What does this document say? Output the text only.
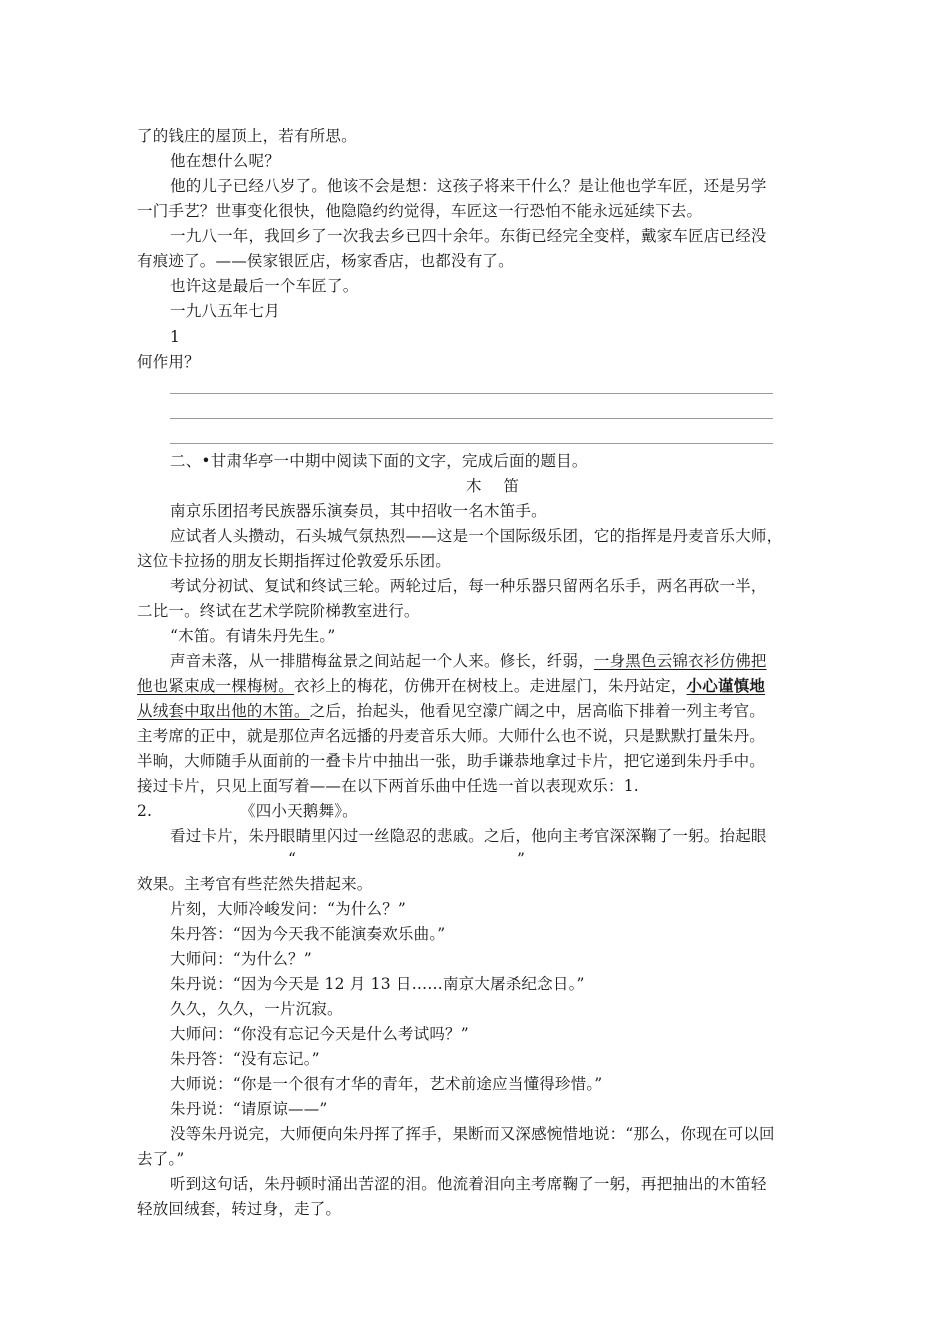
了的钱庄的屋顶上，若有所思。
他在想什么呢？
他的儿子已经八岁了。他该不会是想：这孩子将来干什么？是让他也学车匠，还是另学
一门手艺？世事变化很快，他隐隐约约觉得，车匠这一行恐怕不能永远延续下去。
一九八一年，我回乡了一次我去乡已四十余年。东街已经完全变样，戴家车匠店已经没
有痕迹了。——侯家银匠店，杨家香店，也都没有了。
也许这是最后一个车匠了。
一九八五年七月
1
何作用？
二、•甘肃华亭一中期中阅读下面的文字，完成后面的题目。
木 笛
南京乐团招考民族器乐演奏员，其中招收一名木笛手。
应试者人头攒动，石头城气氛热烈——这是一个国际级乐团，它的指挥是丹麦音乐大师，
这位卡拉扬的朋友长期指挥过伦敦爱乐乐团。
考试分初试、复试和终试三轮。两轮过后，每一种乐器只留两名乐手，两名再砍一半，
二比一。终试在艺术学院阶梯教室进行。
“木笛。有请朱丹先生。”
声音未落，从一排腊梅盆景之间站起一个人来。修长，纤弱，一身黑色云锦衣衫仿佛把
他也紧束成一棵梅树。衣衫上的梅花，仿佛开在树枝上。走进屋门，朱丹站定，小心谨慎地
从绒套中取出他的木笛。之后，抬起头，他看见空濛广阔之中，居高临下排着一列主考官。
主考席的正中，就是那位声名远播的丹麦音乐大师。大师什么也不说，只是默默打量朱丹。
半晌，大师随手从面前的一叠卡片中抽出一张，助手谦恭地拿过卡片，把它递到朱丹手中。
接过卡片，只见上面写着——在以下两首乐曲中任选一首以表现欢乐：1.
2.	《四小天鹅舞》。
看过卡片，朱丹眼睛里闪过一丝隐忍的悲戚。之后，他向主考官深深鞠了一躬。抬起眼
“	”
效果。主考官有些茫然失措起来。
片刻，大师冷峻发问：“为什么？”
朱丹答：“因为今天我不能演奏欢乐曲。”
大师问：“为什么？”
朱丹说：“因为今天是 12 月 13 日……南京大屠杀纪念日。”
久久，久久，一片沉寂。
大师问：“你没有忘记今天是什么考试吗？”
朱丹答：“没有忘记。”
大师说：“你是一个很有才华的青年，艺术前途应当懂得珍惜。”
朱丹说：“请原谅——”
没等朱丹说完，大师便向朱丹挥了挥手，果断而又深感惋惜地说：“那么，你现在可以回
去了。”
听到这句话，朱丹顿时涌出苦涩的泪。他流着泪向主考席鞠了一躬，再把抽出的木笛轻
轻放回绒套，转过身，走了。
